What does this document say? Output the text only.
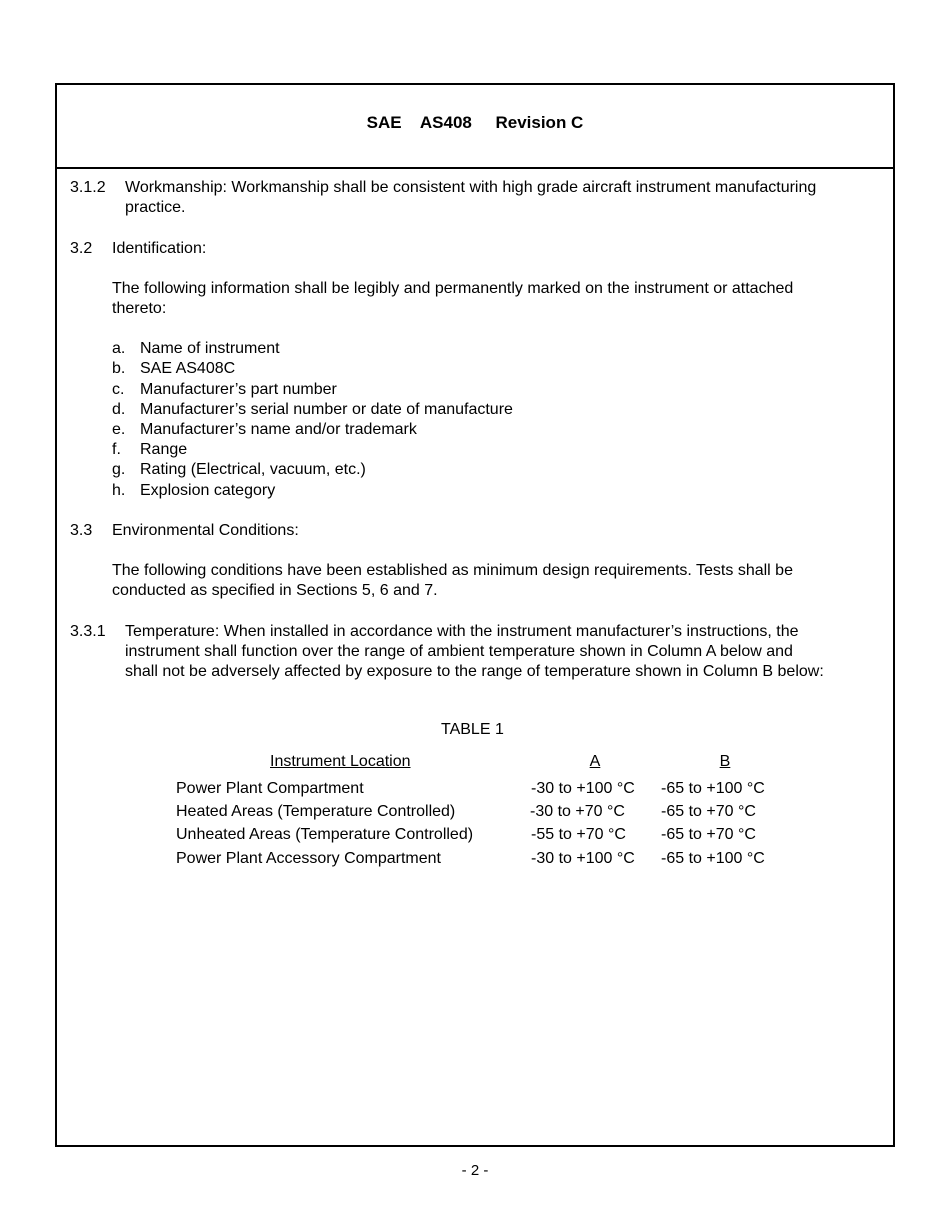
SAE    AS408     Revision C
3.1.2 Workmanship: Workmanship shall be consistent with high grade aircraft instrument manufacturing
practice.
3.2 Identification:
The following information shall be legibly and permanently marked on the instrument or attached
thereto:
a. Name of instrument
b. SAE AS408C
c. Manufacturer’s part number
d. Manufacturer’s serial number or date of manufacture
e. Manufacturer’s name and/or trademark
f. Range
g. Rating (Electrical, vacuum, etc.)
h. Explosion category
3.3 Environmental Conditions:
The following conditions have been established as minimum design requirements. Tests shall be
conducted as specified in Sections 5, 6 and 7.
3.3.1 Temperature: When installed in accordance with the instrument manufacturer’s instructions, the
instrument shall function over the range of ambient temperature shown in Column A below and
shall not be adversely affected by exposure to the range of temperature shown in Column B below:
TABLE 1
Instrument Location	A	B
Power Plant Compartment	-30 to +100 °C -65 to +100 °C
Heated Areas (Temperature Controlled)	-30 to +70 °C -65 to +70 °C
Unheated Areas (Temperature Controlled)	-55 to +70 °C -65 to +70 °C
Power Plant Accessory Compartment	-30 to +100 °C -65 to +100 °C
- 2 -
